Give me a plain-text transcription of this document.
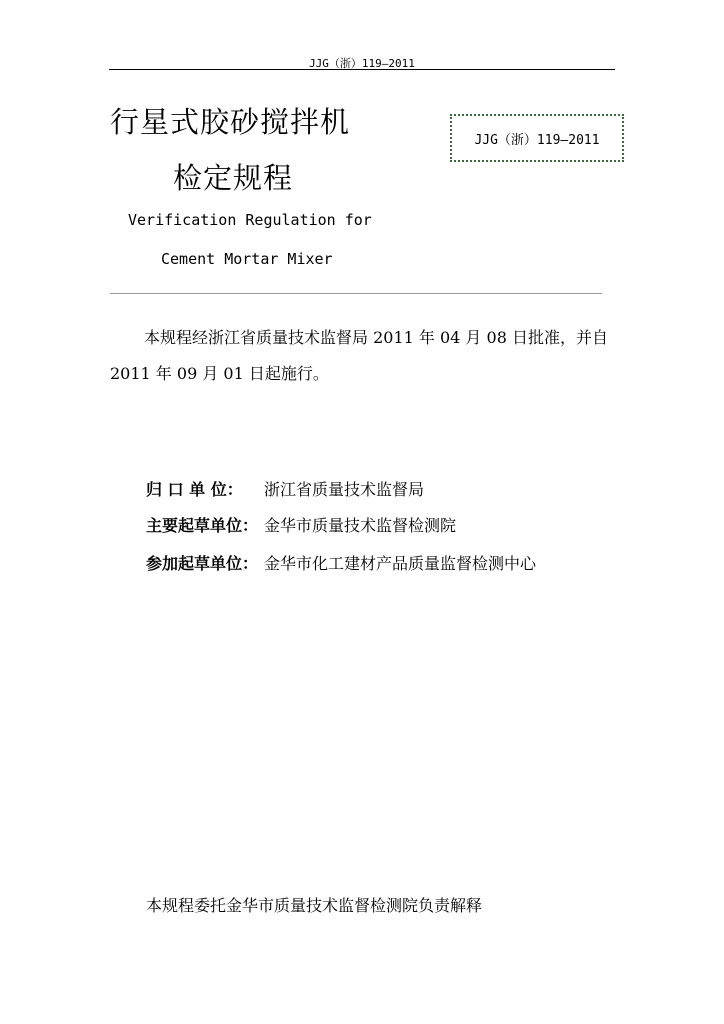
JJG（浙）119—2011
行星式胶砂搅拌机
检定规程
JJG（浙）119—2011
Verification Regulation for
Cement Mortar Mixer
本规程经浙江省质量技术监督局 2011 年 04 月 08 日批准，并自
2011 年 09 月 01 日起施行。
归 口 单 位： 浙江省质量技术监督局
主要起草单位： 金华市质量技术监督检测院
参加起草单位： 金华市化工建材产品质量监督检测中心
本规程委托金华市质量技术监督检测院负责解释
